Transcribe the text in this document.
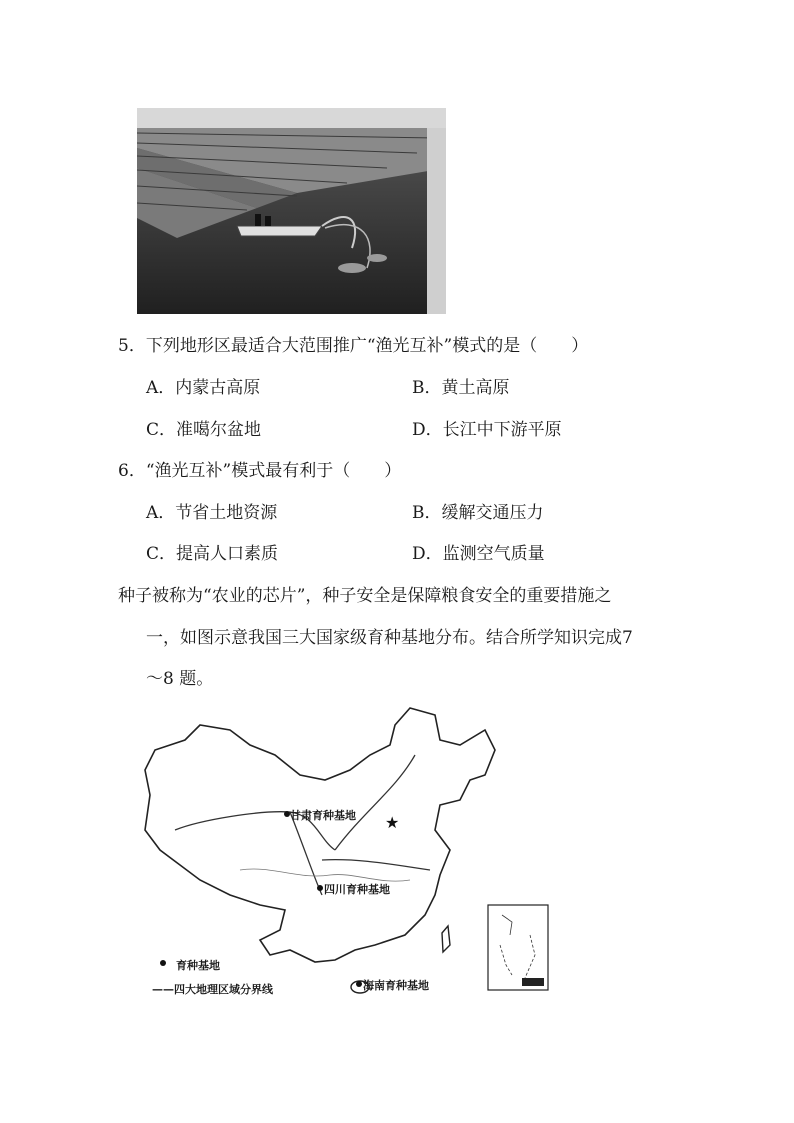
5．下列地形区最适合大范围推广“渔光互补”模式的是（　　）
A．内蒙古高原	B．黄土高原
C．准噶尔盆地	D．长江中下游平原
6．“渔光互补”模式最有利于（　　）
A．节省土地资源	B．缓解交通压力
C．提高人口素质	D．监测空气质量
种子被称为“农业的芯片”，种子安全是保障粮食安全的重要措施之
一，如图示意我国三大国家级育种基地分布。结合所学知识完成7
～8 题。
★
甘肃育种基地
四川育种基地
海南育种基地
育种基地
——四大地理区域分界线
